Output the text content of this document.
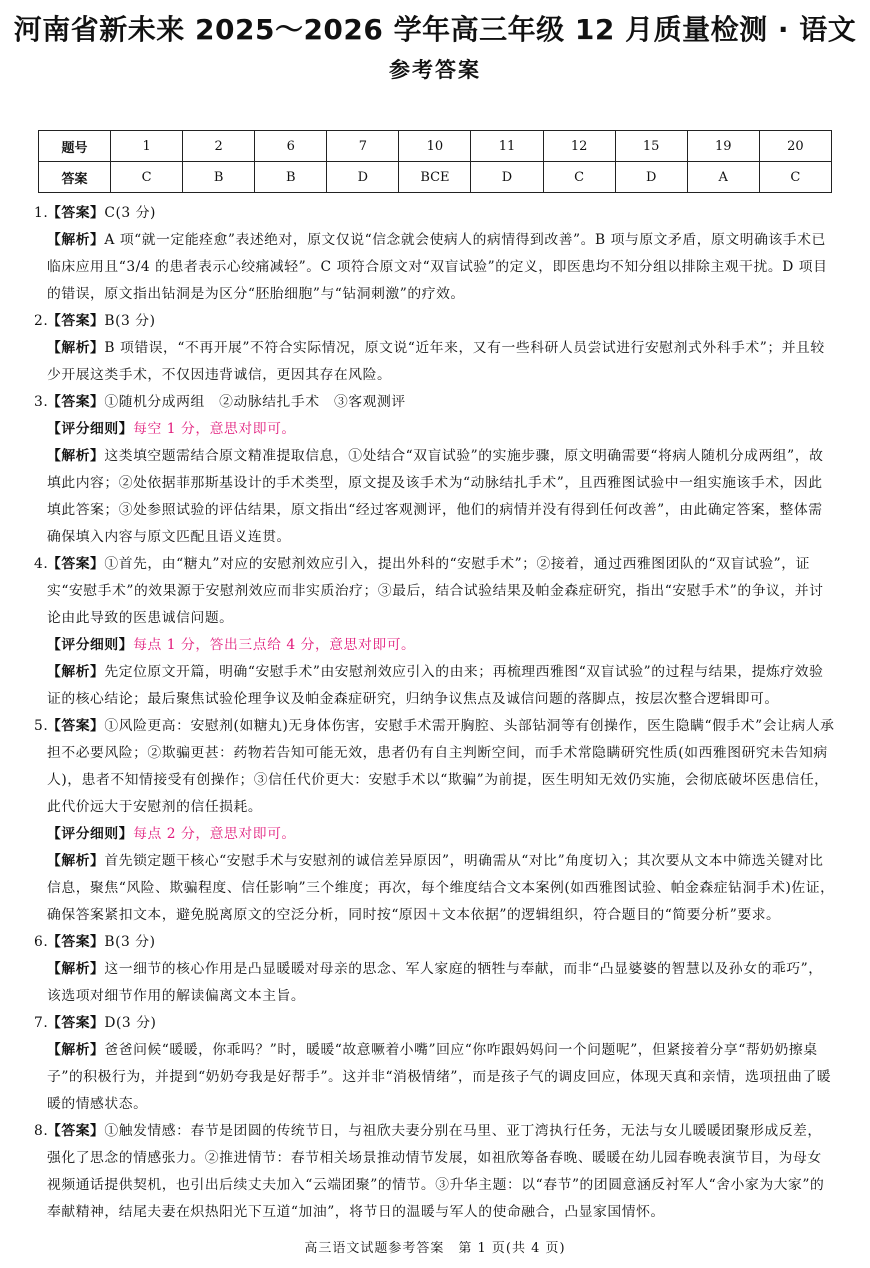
河南省新未来 2025～2026 学年高三年级 12 月质量检测 · 语文
参考答案
题号	1	2	6	7	10	11	12	15	19	20
答案	C	B	B	D	BCE	D	C	D	A	C
1.
【答案】C(3 分)
【解析】A 项“就一定能痊愈”表述绝对，原文仅说“信念就会使病人的病情得到改善”。B 项与原文矛盾，原文明确该手术已临床应用且“3/4 的患者表示心绞痛减轻”。C 项符合原文对“双盲试验”的定义，即医患均不知分组以排除主观干扰。D 项目的错误，原文指出钻洞是为区分“胚胎细胞”与“钻洞刺激”的疗效。
2.
【答案】B(3 分)
【解析】B 项错误，“不再开展”不符合实际情况，原文说“近年来，又有一些科研人员尝试进行安慰剂式外科手术”；并且较少开展这类手术，不仅因违背诚信，更因其存在风险。
3.
【答案】①随机分成两组　②动脉结扎手术　③客观测评
【评分细则】每空 1 分，意思对即可。
【解析】这类填空题需结合原文精准提取信息，①处结合“双盲试验”的实施步骤，原文明确需要“将病人随机分成两组”，故填此内容；②处依据菲那斯基设计的手术类型，原文提及该手术为“动脉结扎手术”，且西雅图试验中一组实施该手术，因此填此答案；③处参照试验的评估结果，原文指出“经过客观测评，他们的病情并没有得到任何改善”，由此确定答案，整体需确保填入内容与原文匹配且语义连贯。
4.
【答案】①首先，由“糖丸”对应的安慰剂效应引入，提出外科的“安慰手术”；②接着，通过西雅图团队的“双盲试验”，证实“安慰手术”的效果源于安慰剂效应而非实质治疗；③最后，结合试验结果及帕金森症研究，指出“安慰手术”的争议，并讨论由此导致的医患诚信问题。
【评分细则】每点 1 分，答出三点给 4 分，意思对即可。
【解析】先定位原文开篇，明确“安慰手术”由安慰剂效应引入的由来；再梳理西雅图“双盲试验”的过程与结果，提炼疗效验证的核心结论；最后聚焦试验伦理争议及帕金森症研究，归纳争议焦点及诚信问题的落脚点，按层次整合逻辑即可。
5.
【答案】①风险更高：安慰剂(如糖丸)无身体伤害，安慰手术需开胸腔、头部钻洞等有创操作，医生隐瞒“假手术”会让病人承担不必要风险；②欺骗更甚：药物若告知可能无效，患者仍有自主判断空间，而手术常隐瞒研究性质(如西雅图研究未告知病人)，患者不知情接受有创操作；③信任代价更大：安慰手术以“欺骗”为前提，医生明知无效仍实施，会彻底破坏医患信任，此代价远大于安慰剂的信任损耗。
【评分细则】每点 2 分，意思对即可。
【解析】首先锁定题干核心“安慰手术与安慰剂的诚信差异原因”，明确需从“对比”角度切入；其次要从文本中筛选关键对比信息，聚焦“风险、欺骗程度、信任影响”三个维度；再次，每个维度结合文本案例(如西雅图试验、帕金森症钻洞手术)佐证，确保答案紧扣文本，避免脱离原文的空泛分析，同时按“原因＋文本依据”的逻辑组织，符合题目的“简要分析”要求。
6.
【答案】B(3 分)
【解析】这一细节的核心作用是凸显暖暖对母亲的思念、军人家庭的牺牲与奉献，而非“凸显婆婆的智慧以及孙女的乖巧”，该选项对细节作用的解读偏离文本主旨。
7.
【答案】D(3 分)
【解析】爸爸问候“暖暖，你乖吗？”时，暖暖“故意噘着小嘴”回应“你咋跟妈妈问一个问题呢”，但紧接着分享“帮奶奶擦桌子”的积极行为，并提到“奶奶夸我是好帮手”。这并非“消极情绪”，而是孩子气的调皮回应，体现天真和亲情，选项扭曲了暖暖的情感状态。
8.
【答案】①触发情感：春节是团圆的传统节日，与祖欣夫妻分别在马里、亚丁湾执行任务，无法与女儿暖暖团聚形成反差，强化了思念的情感张力。②推进情节：春节相关场景推动情节发展，如祖欣筹备春晚、暖暖在幼儿园春晚表演节目，为母女视频通话提供契机，也引出后续丈夫加入“云端团聚”的情节。③升华主题：以“春节”的团圆意涵反衬军人“舍小家为大家”的奉献精神，结尾夫妻在炽热阳光下互道“加油”，将节日的温暖与军人的使命融合，凸显家国情怀。
高三语文试题参考答案　第 1 页(共 4 页)
